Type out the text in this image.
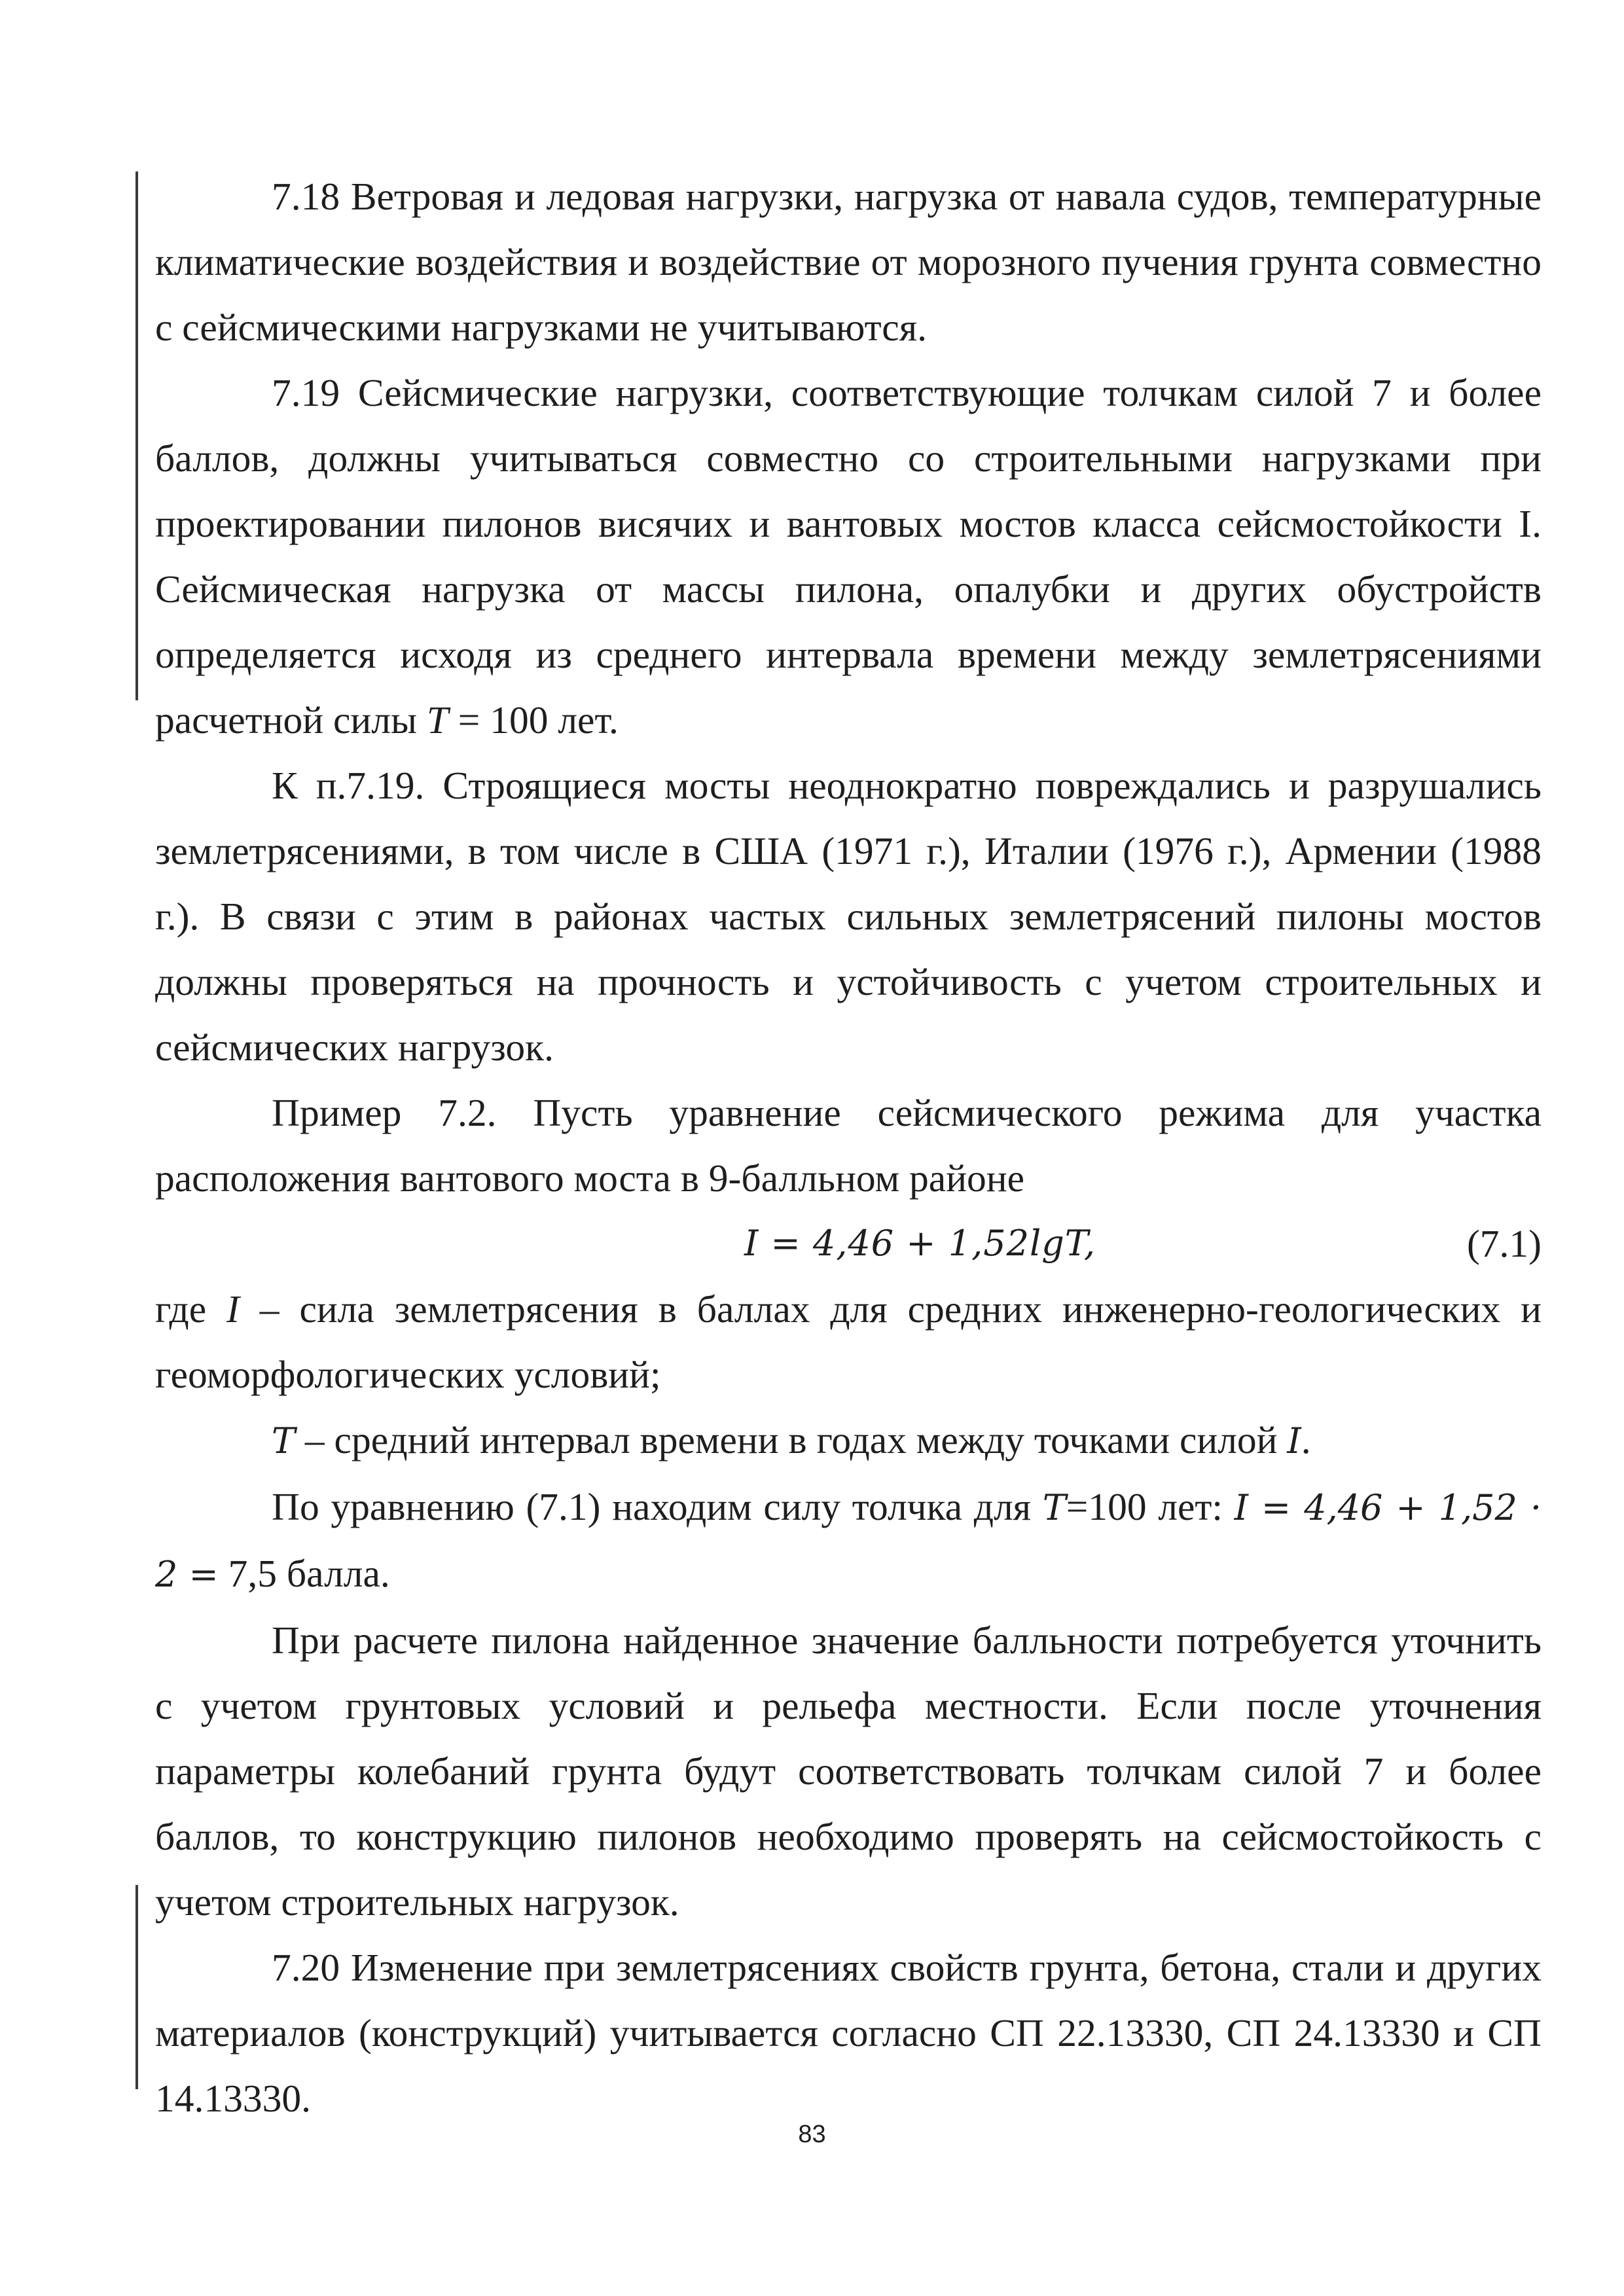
7.18 Ветровая и ледовая нагрузки, нагрузка от навала судов, температурные климатические воздействия и воздействие от морозного пучения грунта совместно с сейсмическими нагрузками не учитываются.

7.19 Сейсмические нагрузки, соответствующие толчкам силой 7 и более баллов, должны учитываться совместно со строительными нагрузками при проектировании пилонов висячих и вантовых мостов класса сейсмостойкости I. Сейсмическая нагрузка от массы пилона, опалубки и других обустройств определяется исходя из среднего интервала времени между землетрясениями расчетной силы T = 100 лет.

К п.7.19. Строящиеся мосты неоднократно повреждались и разрушались землетрясениями, в том числе в США (1971 г.), Италии (1976 г.), Армении (1988 г.). В связи с этим в районах частых сильных землетрясений пилоны мостов должны проверяться на прочность и устойчивость с учетом строительных и сейсмических нагрузок.

Пример 7.2. Пусть уравнение сейсмического режима для участка расположения вантового моста в 9-балльном районе

I = 4,46 + 1,52lgT,	(7.1)

где I – сила землетрясения в баллах для средних инженерно-геологических и геоморфологических условий;

T – средний интервал времени в годах между точками силой I.

По уравнению (7.1) находим силу толчка для T=100 лет: I = 4,46 + 1,52 · 2 = 7,5 балла.

При расчете пилона найденное значение балльности потребуется уточнить с учетом грунтовых условий и рельефа местности. Если после уточнения параметры колебаний грунта будут соответствовать толчкам силой 7 и более баллов, то конструкцию пилонов необходимо проверять на сейсмостойкость с учетом строительных нагрузок.

7.20 Изменение при землетрясениях свойств грунта, бетона, стали и других материалов (конструкций) учитывается согласно СП 22.13330, СП 24.13330 и СП 14.13330.

83
